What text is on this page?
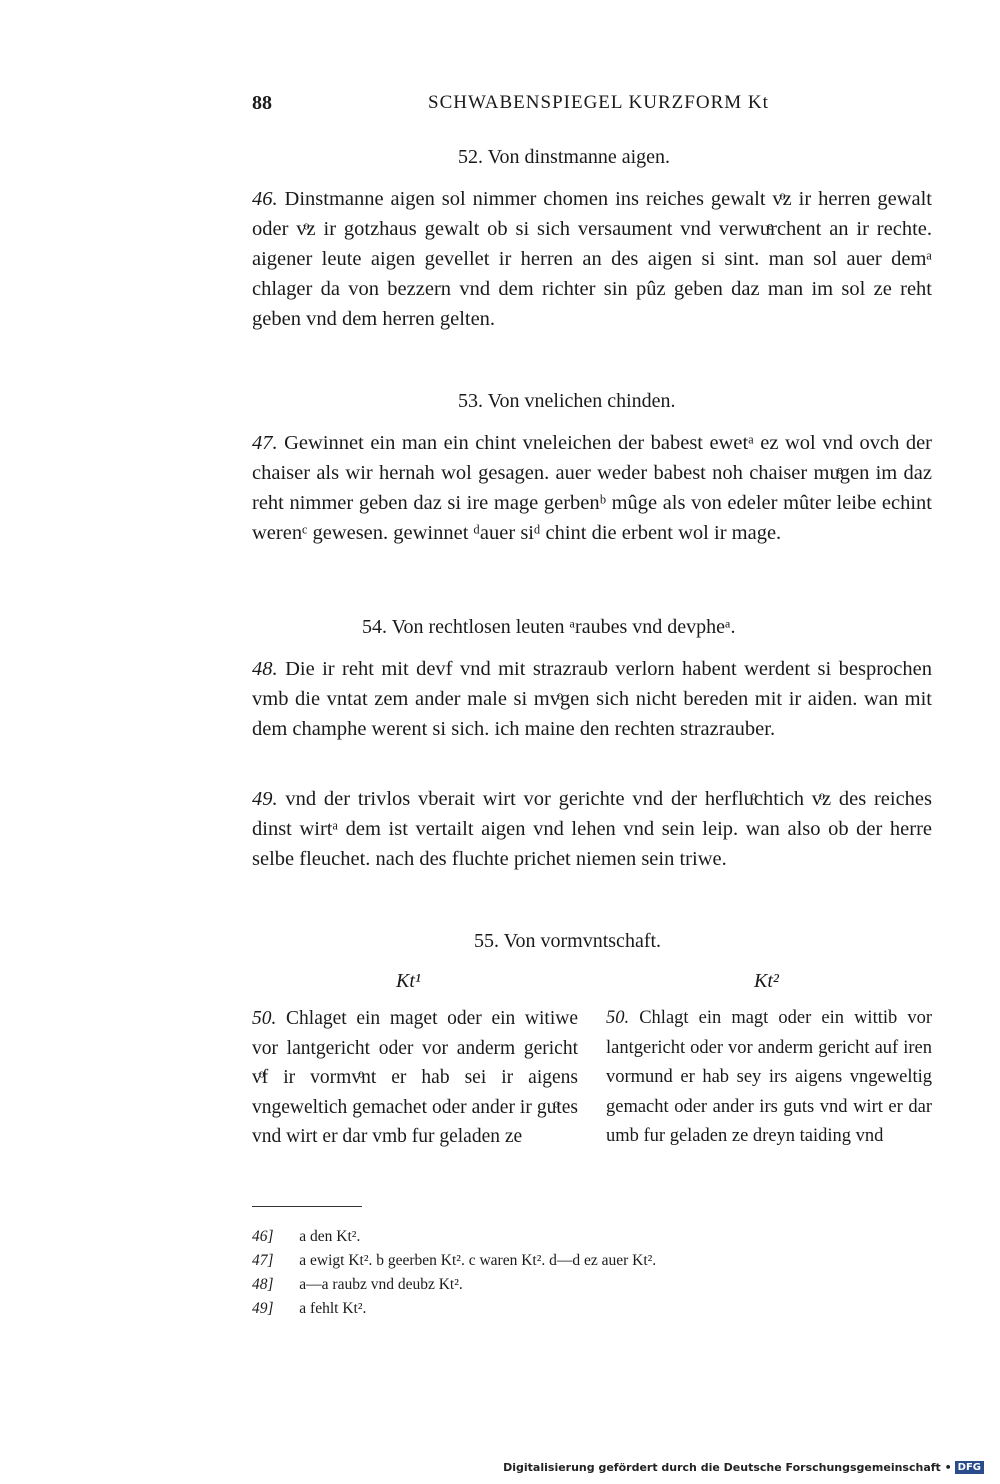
88	SCHWABENSPIEGEL KURZFORM Kt
52. Von dinstmanne aigen.
46. Dinstmanne aigen sol nimmer chomen ins reiches gewalt vͦz ir herren gewalt oder vͦz ir gotzhaus gewalt ob si sich versaument vnd verwuͤrchent an ir rechte. aigener leute aigen gevellet ir herren an des aigen si sint. man sol auer demᵃ chlager da von bezzern vnd dem richter sin pûz geben daz man im sol ze reht geben vnd dem herren gelten.
53. Von vnelichen chinden.
47. Gewinnet ein man ein chint vneleichen der babest ewetᵃ ez wol vnd ovch der chaiser als wir hernah wol gesagen. auer weder babest noh chaiser muͤgen im daz reht nimmer geben daz si ire mage gerbenᵇ mûge als von edeler mûter leibe echint werenᶜ gewesen. gewinnet ᵈauer siᵈ chint die erbent wol ir mage.
54. Von rechtlosen leuten ᵃraubes vnd devpheᵃ.
48. Die ir reht mit devf vnd mit strazraub verlorn habent werdent si besprochen vmb die vntat zem ander male si mvͦgen sich nicht bereden mit ir aiden. wan mit dem champhe werent si sich. ich maine den rechten strazrauber.
49. vnd der trivlos vberait wirt vor gerichte vnd der herfluͦchtich vͦz des reiches dinst wirtᵃ dem ist vertailt aigen vnd lehen vnd sein leip. wan also ob der herre selbe fleuchet. nach des fluchte prichet niemen sein triwe.
55. Von vormvntschaft.
Kt¹	Kt²
50. Chlaget ein maget oder ein witiwe vor lantgericht oder vor anderm gericht vͦf ir vormvͦnt er hab sei ir aigens vngeweltich gemachet oder ander ir guͦtes vnd wirt er dar vmb fur geladen ze
50. Chlagt ein magt oder ein wittib vor lantgericht oder vor anderm gericht auf iren vormund er hab sey irs aigens vngeweltig gemacht oder ander irs guts vnd wirt er dar umb fur geladen ze dreyn taiding vnd
46] a den Kt².
47] a ewigt Kt². b geerben Kt². c waren Kt². d—d ez auer Kt².
48] a—a raubz vnd deubz Kt².
49] a fehlt Kt².
Digitalisierung gefördert durch die Deutsche Forschungsgemeinschaft • DFG
